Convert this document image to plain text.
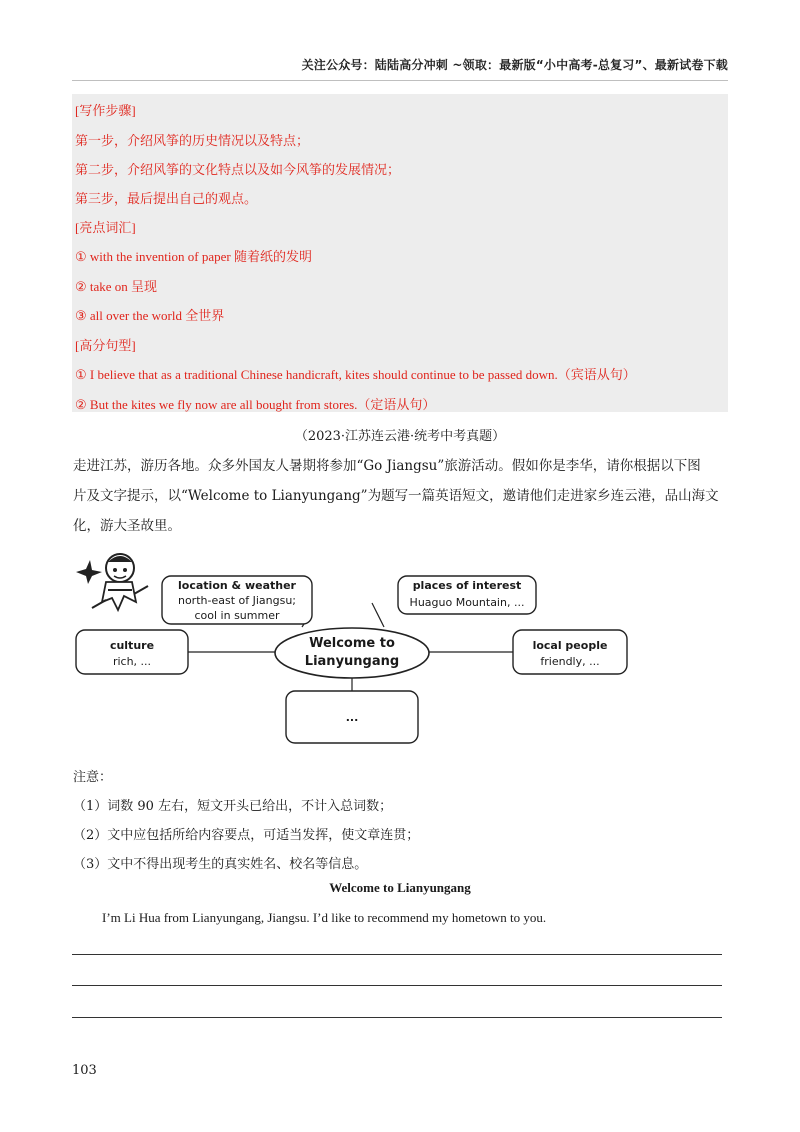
关注公众号：陆陆高分冲刺 ~领取：最新版“小中高考-总复习”、最新试卷下载
[写作步骤]
第一步，介绍风筝的历史情况以及特点；
第二步，介绍风筝的文化特点以及如今风筝的发展情况；
第三步，最后提出自己的观点。
[亮点词汇]
① with the invention of paper 随着纸的发明
② take on 呈现
③ all over the world 全世界
[高分句型]
① I believe that as a traditional Chinese handicraft, kites should continue to be passed down.（宾语从句）
② But the kites we fly now are all bought from stores.（定语从句）
（2023·江苏连云港·统考中考真题）
走进江苏，游历各地。众多外国友人暑期将参加“Go Jiangsu”旅游活动。假如你是李华，请你根据以下图
片及文字提示，以“Welcome to Lianyungang”为题写一篇英语短文，邀请他们走进家乡连云港，品山海文
化，游大圣故里。
location & weather
north-east of Jiangsu;
cool in summer
places of interest
Huaguo Mountain, ...
culture
rich, ...
local people
friendly, ...
Welcome to
Lianyungang
...
注意：
（1）词数 90 左右，短文开头已给出，不计入总词数；
（2）文中应包括所给内容要点，可适当发挥，使文章连贯；
（3）文中不得出现考生的真实姓名、校名等信息。
Welcome to Lianyungang
I’m Li Hua from Lianyungang, Jiangsu. I’d like to recommend my hometown to you.
103
